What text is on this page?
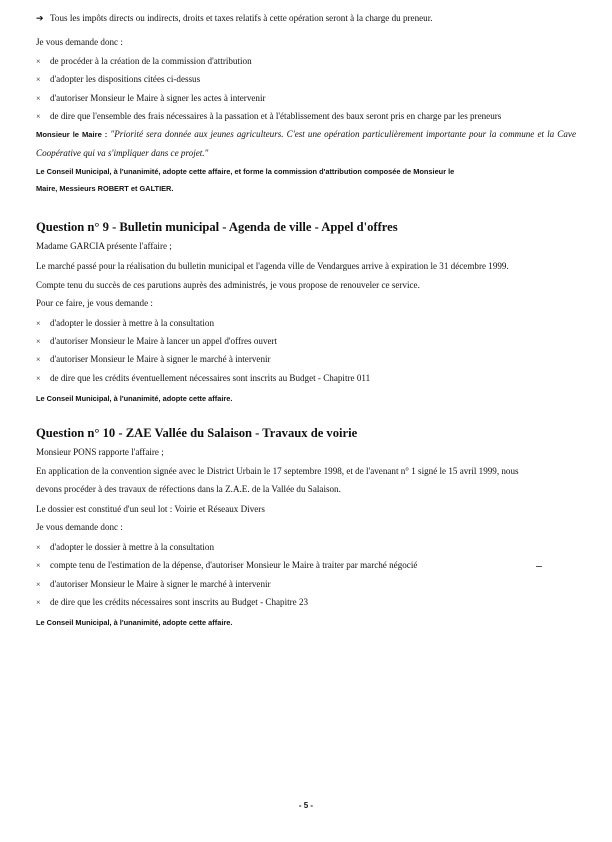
➔ Tous les impôts directs ou indirects, droits et taxes relatifs à cette opération seront à la charge du preneur.
Je vous demande donc :
× de procéder à la création de la commission d'attribution
× d'adopter les dispositions citées ci-dessus
× d'autoriser Monsieur le Maire à signer les actes à intervenir
× de dire que l'ensemble des frais nécessaires à la passation et à l'établissement des baux seront pris en charge par les preneurs
Monsieur le Maire : "Priorité sera donnée aux jeunes agriculteurs. C'est une opération particulièrement importante pour la commune et la Cave Coopérative qui va s'impliquer dans ce projet."
Le Conseil Municipal, à l'unanimité, adopte cette affaire, et forme la commission d'attribution composée de Monsieur le
Maire, Messieurs ROBERT et GALTIER.
Question n° 9 - Bulletin municipal - Agenda de ville - Appel d'offres
Madame GARCIA présente l'affaire ;
Le marché passé pour la réalisation du bulletin municipal et l'agenda ville de Vendargues arrive à expiration le 31 décembre 1999.
Compte tenu du succès de ces parutions auprès des administrés, je vous propose de renouveler ce service.
Pour ce faire, je vous demande :
× d'adopter le dossier à mettre à la consultation
× d'autoriser Monsieur le Maire à lancer un appel d'offres ouvert
× d'autoriser Monsieur le Maire à signer le marché à intervenir
× de dire que les crédits éventuellement nécessaires sont inscrits au Budget - Chapitre 011
Le Conseil Municipal, à l'unanimité, adopte cette affaire.
Question n° 10 - ZAE Vallée du Salaison - Travaux de voirie
Monsieur PONS rapporte l'affaire ;
En application de la convention signée avec le District Urbain le 17 septembre 1998, et de l'avenant n° 1 signé le 15 avril 1999, nous
devons procéder à des travaux de réfections dans la Z.A.E. de la Vallée du Salaison.
Le dossier est constitué d'un seul lot : Voirie et Réseaux Divers
Je vous demande donc :
× d'adopter le dossier à mettre à la consultation
× compte tenu de l'estimation de la dépense, d'autoriser Monsieur le Maire à traiter par marché négocié
× d'autoriser Monsieur le Maire à signer le marché à intervenir
× de dire que les crédits nécessaires sont inscrits au Budget - Chapitre 23
Le Conseil Municipal, à l'unanimité, adopte cette affaire.
- 5 -
